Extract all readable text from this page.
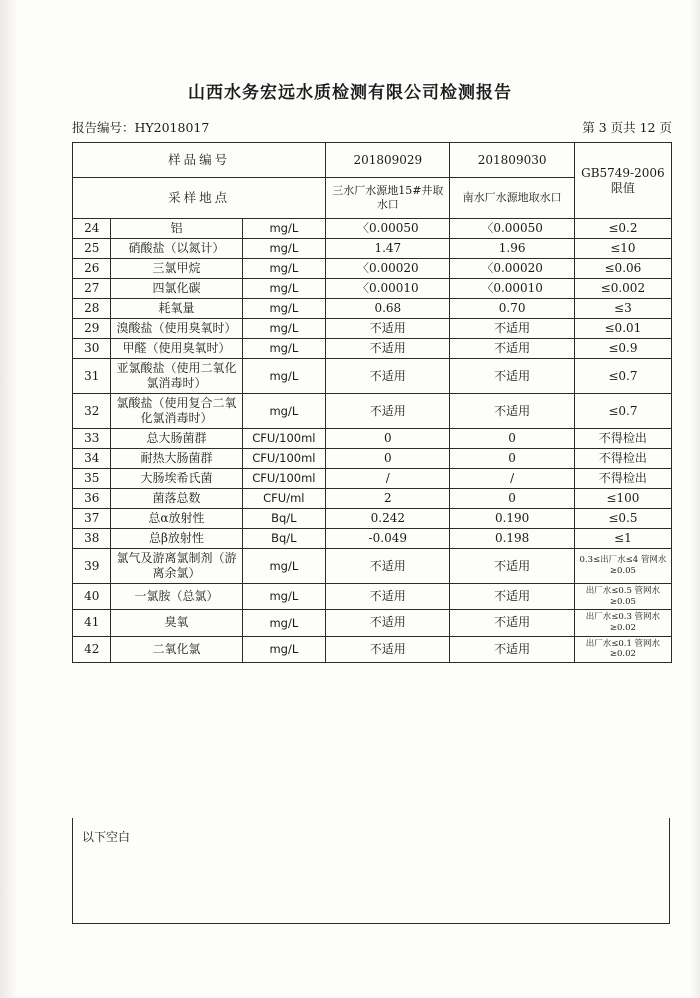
山西水务宏远水质检测有限公司检测报告
报告编号：HY2018017	第 3 页共 12 页
样品编号			201809029	201809030	GB5749-2006 限值
采样地点			三水厂水源地15#井取水口	南水厂水源地取水口	
24	铝	mg/L	〈0.00050	〈0.00050	≤0.2
25	硝酸盐（以氮计）	mg/L	1.47	1.96	≤10
26	三氯甲烷	mg/L	〈0.00020	〈0.00020	≤0.06
27	四氯化碳	mg/L	〈0.00010	〈0.00010	≤0.002
28	耗氧量	mg/L	0.68	0.70	≤3
29	溴酸盐（使用臭氧时）	mg/L	不适用	不适用	≤0.01
30	甲醛（使用臭氧时）	mg/L	不适用	不适用	≤0.9
31	亚氯酸盐（使用二氧化氯消毒时）	mg/L	不适用	不适用	≤0.7
32	氯酸盐（使用复合二氧化氯消毒时）	mg/L	不适用	不适用	≤0.7
33	总大肠菌群	CFU/100ml	0	0	不得检出
34	耐热大肠菌群	CFU/100ml	0	0	不得检出
35	大肠埃希氏菌	CFU/100ml	/	/	不得检出
36	菌落总数	CFU/ml	2	0	≤100
37	总α放射性	Bq/L	0.242	0.190	≤0.5
38	总β放射性	Bq/L	-0.049	0.198	≤1
39	氯气及游离氯制剂（游离余氯）	mg/L	不适用	不适用	0.3≤出厂水≤4 管网水≥0.05
40	一氯胺（总氯）	mg/L	不适用	不适用	出厂水≤0.5 管网水≥0.05
41	臭氧	mg/L	不适用	不适用	出厂水≤0.3 管网水≥0.02
42	二氧化氯	mg/L	不适用	不适用	出厂水≤0.1 管网水≥0.02
以下空白
